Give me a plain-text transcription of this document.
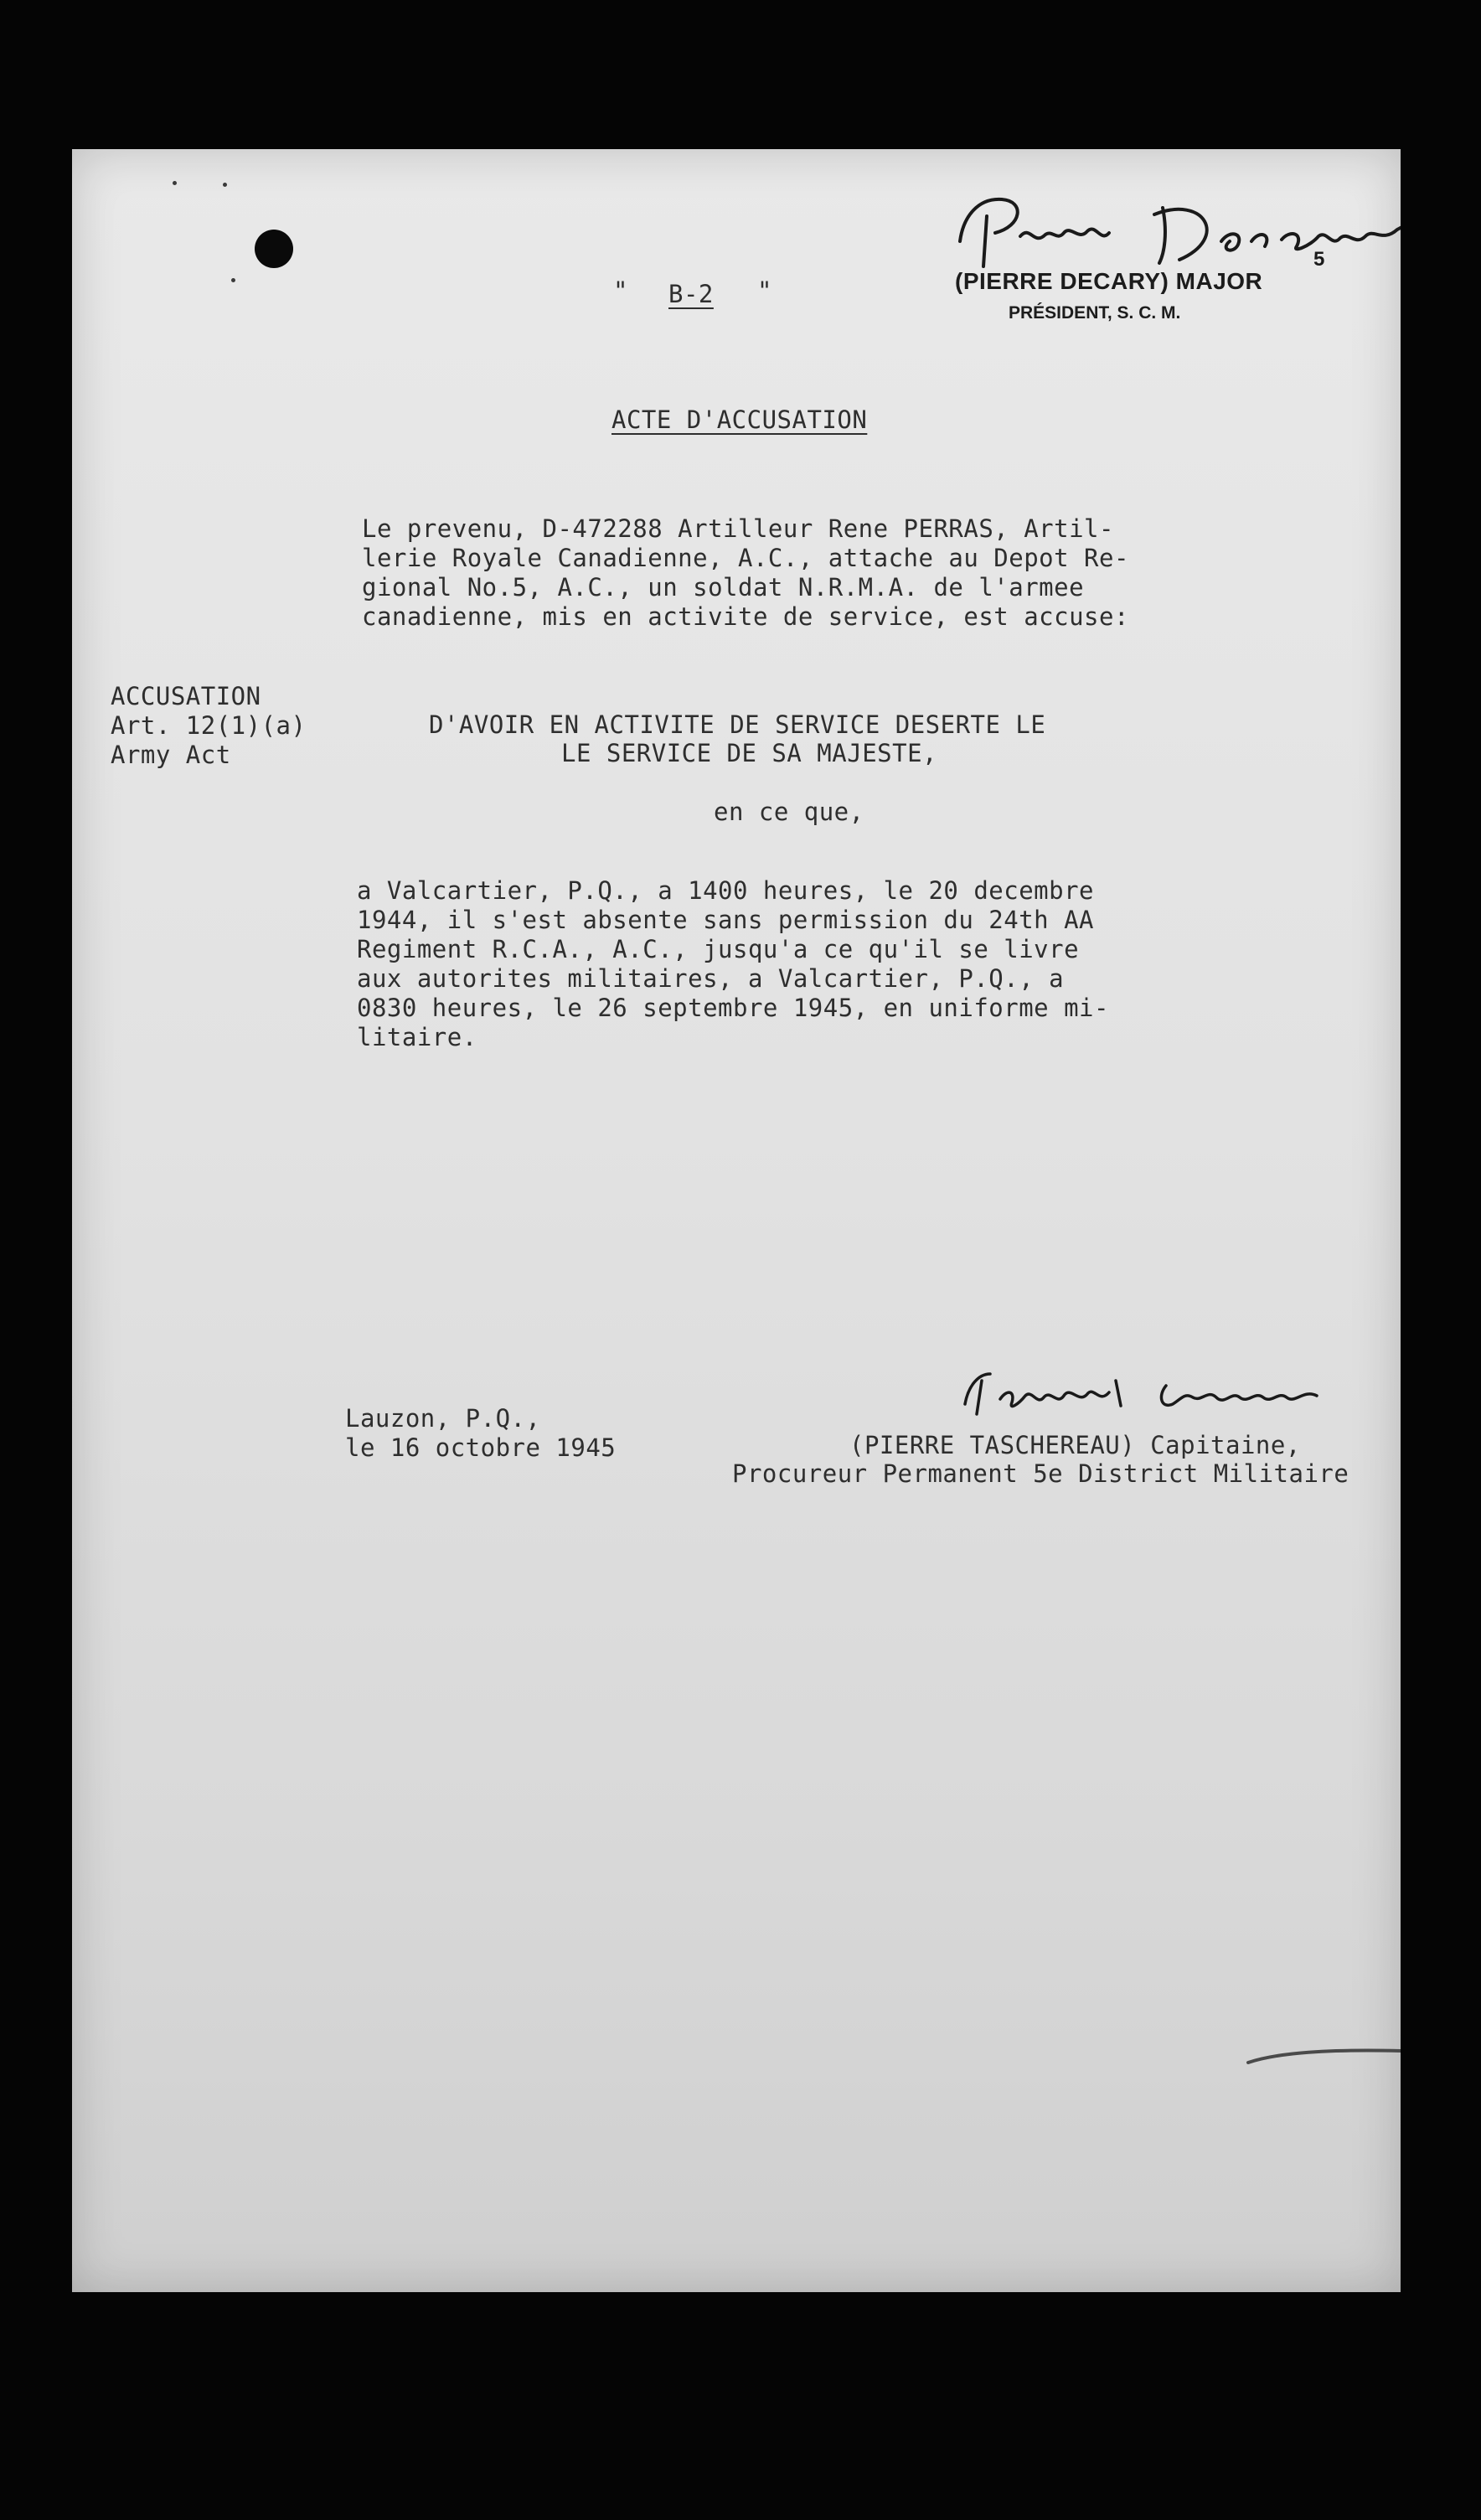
" B-2 "
5
(PIERRE DECARY) MAJOR
PRÉSIDENT, S. C. M.
ACTE D'ACCUSATION
Le prevenu, D-472288 Artilleur Rene PERRAS, Artil-
lerie Royale Canadienne, A.C., attache au Depot Re-
gional No.5, A.C., un soldat N.R.M.A. de l'armee
canadienne, mis en activite de service, est accuse:
ACCUSATION
Art. 12(1)(a)
Army Act
D'AVOIR EN ACTIVITE DE SERVICE DESERTE LE
LE SERVICE DE SA MAJESTE,
en ce que,
a Valcartier, P.Q., a 1400 heures, le 20 decembre
1944, il s'est absente sans permission du 24th AA
Regiment R.C.A., A.C., jusqu'a ce qu'il se livre
aux autorites militaires, a Valcartier, P.Q., a
0830 heures, le 26 septembre 1945, en uniforme mi-
litaire.
Lauzon, P.Q.,
le 16 octobre 1945	(PIERRE TASCHEREAU) Capitaine,
Procureur Permanent 5e District Militaire
